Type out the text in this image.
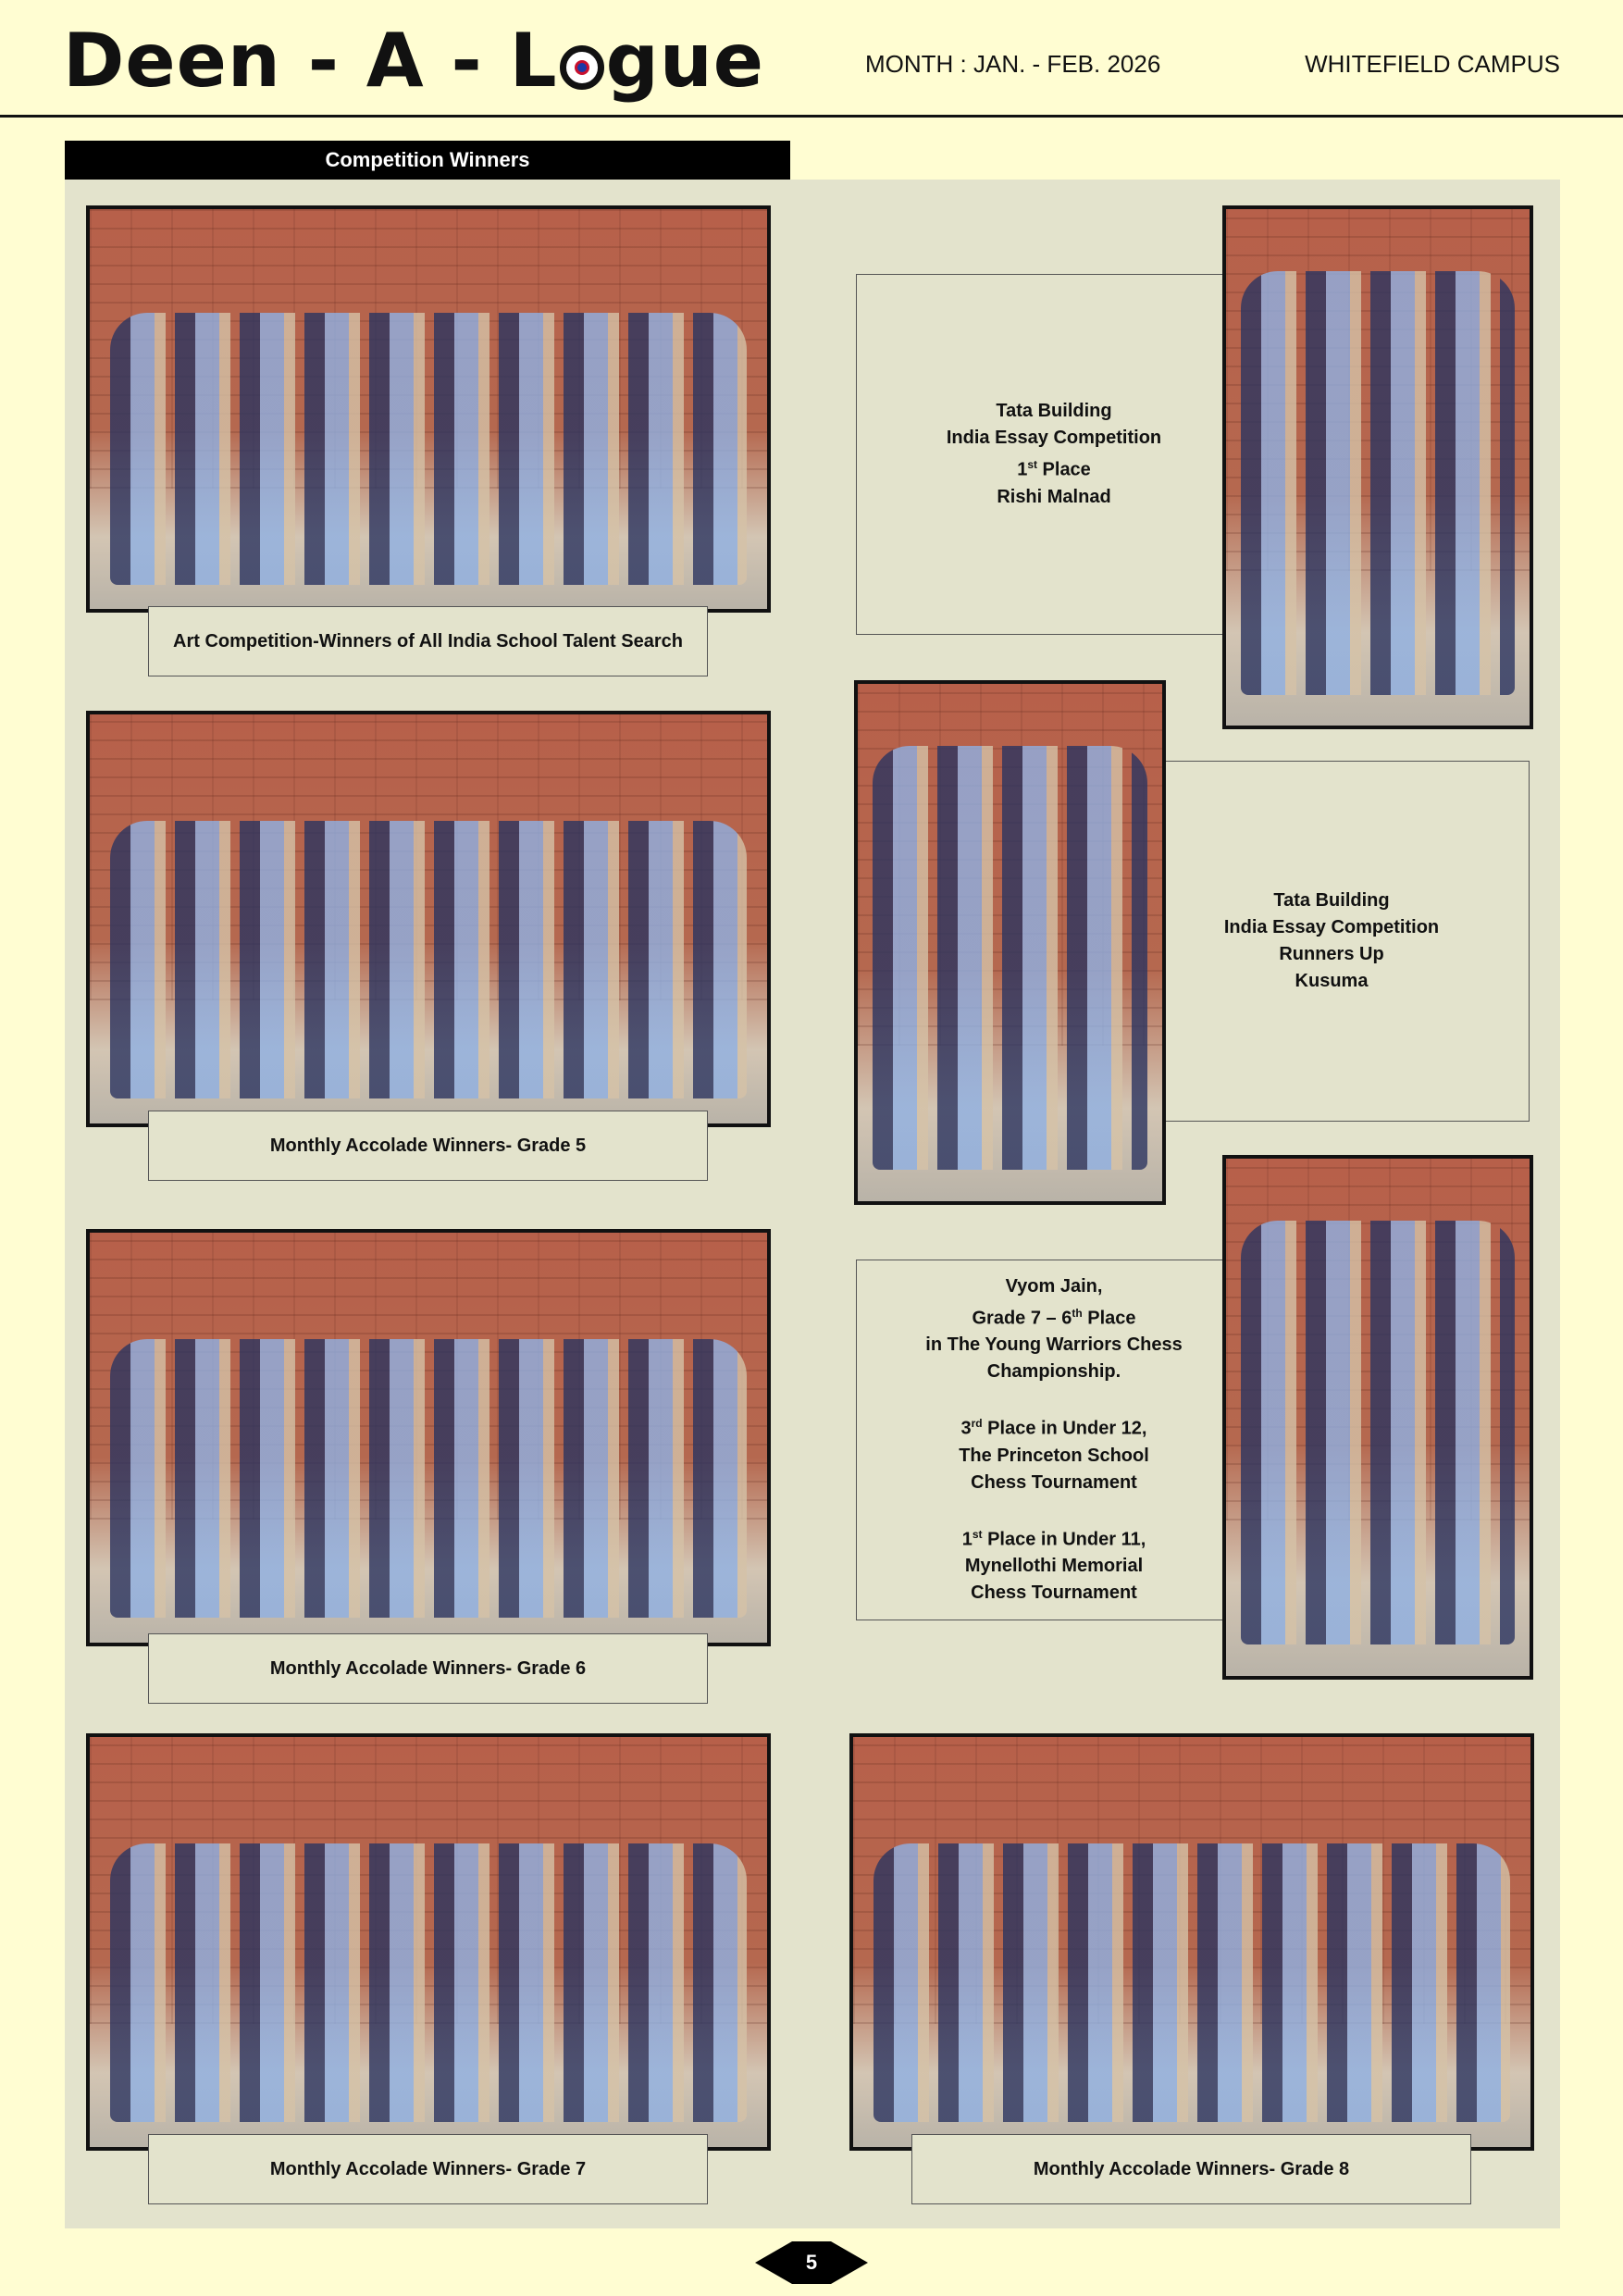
Deen - A - L gue	MONTH : JAN. - FEB. 2026	WHITEFIELD CAMPUS
Competition Winners
Art Competition-Winners of All India School Talent Search
Tata Building
India Essay Competition
1st Place
Rishi Malnad
Monthly Accolade Winners- Grade 5
Tata Building
India Essay Competition
Runners Up
Kusuma
Monthly Accolade Winners- Grade 6
Vyom Jain,
Grade 7 – 6th Place
in The Young Warriors Chess
Championship.
3rd Place in Under 12,
The Princeton School
Chess Tournament
1st Place in Under 11,
Mynellothi Memorial
Chess Tournament
Monthly Accolade Winners- Grade 7	Monthly Accolade Winners- Grade 8
5
